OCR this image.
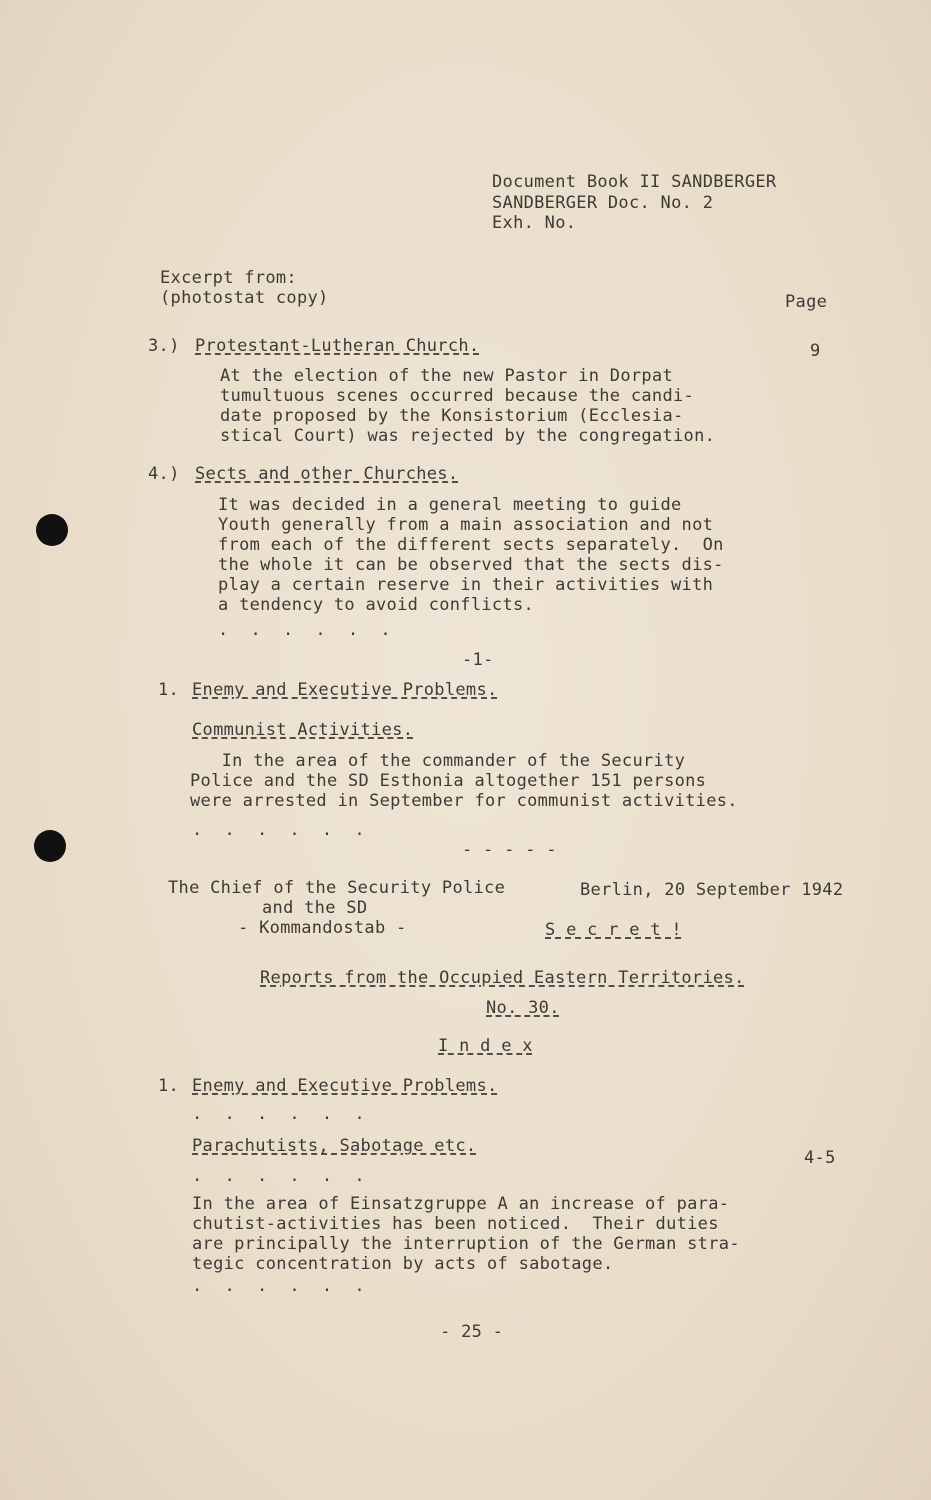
Document Book II SANDBERGER
SANDBERGER Doc. No. 2
Exh. No.
Excerpt from:
(photostat copy)	Page
9
3.) Protestant-Lutheran Church.
At the election of the new Pastor in Dorpat
tumultuous scenes occurred because the candi-
date proposed by the Konsistorium (Ecclesia-
stical Court) was rejected by the congregation.
4.) Sects and other Churches.
It was decided in a general meeting to guide
Youth generally from a main association and not
from each of the different sects separately.  On
the whole it can be observed that the sects dis-
play a certain reserve in their activities with
a tendency to avoid conflicts.
. . . . . .
-1-
1. Enemy and Executive Problems.
Communist Activities.
In the area of the commander of the Security
Police and the SD Esthonia altogether 151 persons
were arrested in September for communist activities.
. . . . . .
- - - - -
The Chief of the Security Police
and the SD
- Kommandostab -
Berlin, 20 September 1942
S e c r e t !
Reports from the Occupied Eastern Territories.
No. 30.
I n d e x
1. Enemy and Executive Problems.
. . . . . .
Parachutists, Sabotage etc.
4-5
. . . . . .
In the area of Einsatzgruppe A an increase of para-
chutist-activities has been noticed.  Their duties
are principally the interruption of the German stra-
tegic concentration by acts of sabotage.
. . . . . .
- 25 -
